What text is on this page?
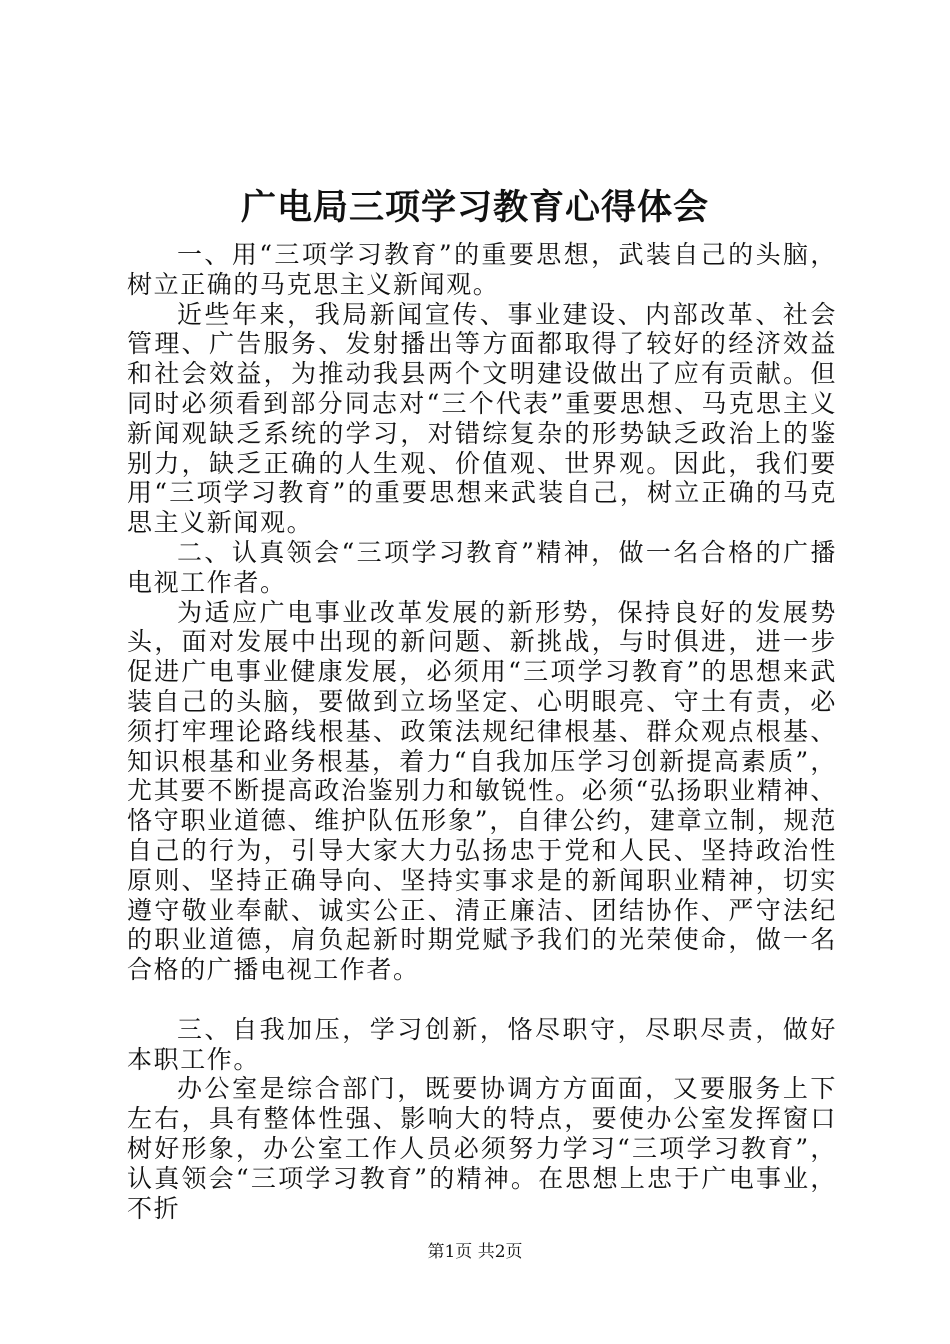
广电局三项学习教育心得体会

一、用“三项学习教育”的重要思想，武装自己的头脑，树立正确的马克思主义新闻观。

近些年来，我局新闻宣传、事业建设、内部改革、社会管理、广告服务、发射播出等方面都取得了较好的经济效益和社会效益，为推动我县两个文明建设做出了应有贡献。但同时必须看到部分同志对“三个代表”重要思想、马克思主义新闻观缺乏系统的学习，对错综复杂的形势缺乏政治上的鉴别力，缺乏正确的人生观、价值观、世界观。因此，我们要用“三项学习教育”的重要思想来武装自己，树立正确的马克思主义新闻观。

二、认真领会“三项学习教育”精神，做一名合格的广播电视工作者。

为适应广电事业改革发展的新形势，保持良好的发展势头，面对发展中出现的新问题、新挑战，与时俱进，进一步促进广电事业健康发展，必须用“三项学习教育”的思想来武装自己的头脑，要做到立场坚定、心明眼亮、守土有责，必须打牢理论路线根基、政策法规纪律根基、群众观点根基、知识根基和业务根基，着力“自我加压学习创新提高素质”，尤其要不断提高政治鉴别力和敏锐性。必须“弘扬职业精神、恪守职业道德、维护队伍形象”，自律公约，建章立制，规范自己的行为，引导大家大力弘扬忠于党和人民、坚持政治性原则、坚持正确导向、坚持实事求是的新闻职业精神，切实遵守敬业奉献、诚实公正、清正廉洁、团结协作、严守法纪的职业道德，肩负起新时期党赋予我们的光荣使命，做一名合格的广播电视工作者。

三、自我加压，学习创新，恪尽职守，尽职尽责，做好本职工作。

办公室是综合部门，既要协调方方面面，又要服务上下左右，具有整体性强、影响大的特点，要使办公室发挥窗口树好形象，办公室工作人员必须努力学习“三项学习教育”，认真领会“三项学习教育”的精神。在思想上忠于广电事业，不折

第1页 共2页
